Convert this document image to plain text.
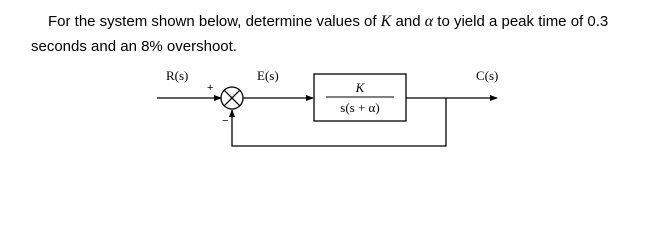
For the system shown below, determine values of K and α to yield a peak time of 0.3
seconds and an 8% overshoot.
R(s)
+
E(s)
K
s(s + α)
C(s)
−
